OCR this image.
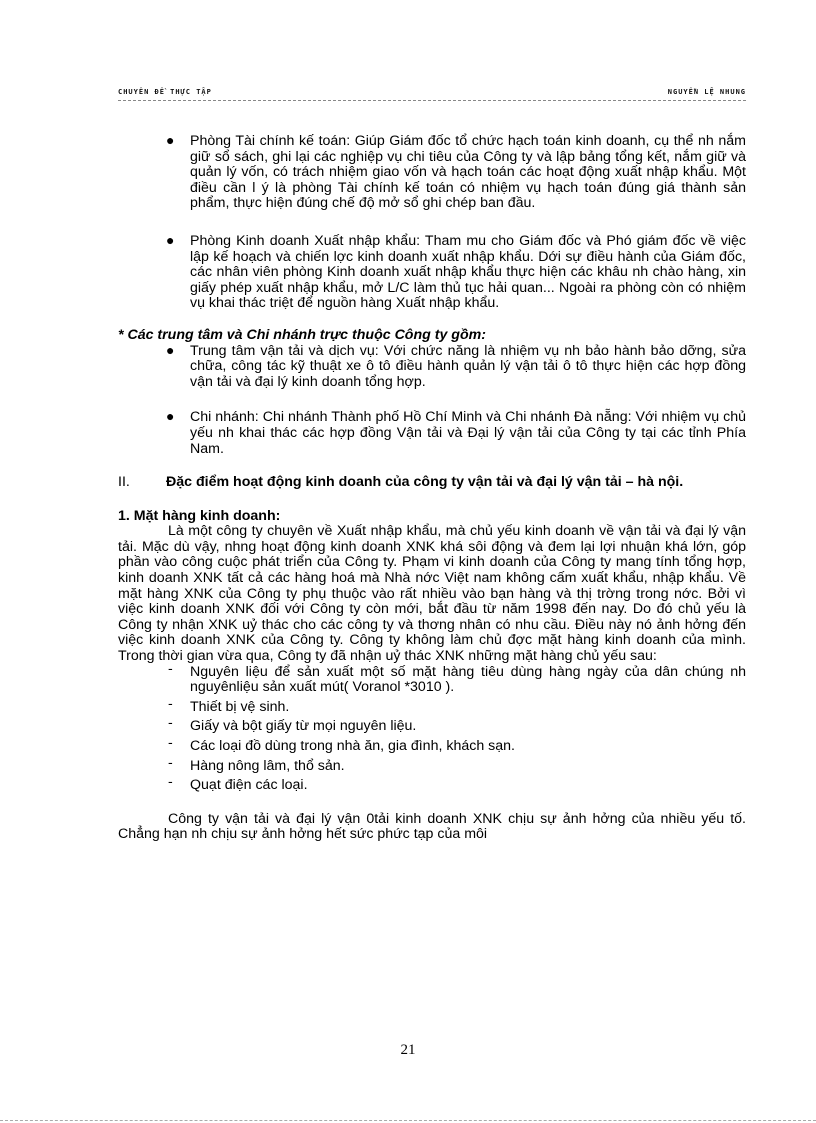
CHUYÊN ĐỀ THỰC TẬP	NGUYỄN LỆ NHUNG
● Phòng Tài chính kế toán: Giúp Giám đốc tổ chức hạch toán kinh doanh, cụ thể nh nắm giữ sổ sách, ghi lại các nghiệp vụ chi tiêu của Công ty và lập bảng tổng kết, nắm giữ và quản lý vốn, có trách nhiệm giao vốn và hạch toán các hoạt động xuất nhập khẩu. Một điều cần l ý là phòng Tài chính kế toán có nhiệm vụ hạch toán đúng giá thành sản phẩm, thực hiện đúng chế độ mở sổ ghi chép ban đầu.
● Phòng Kinh doanh Xuất nhập khẩu: Tham mu cho Giám đốc và Phó giám đốc về việc lập kế hoạch và chiến lợc kinh doanh xuất nhập khẩu. Dới sự điều hành của Giám đốc, các nhân viên phòng Kinh doanh xuất nhập khẩu thực hiện các khâu nh chào hàng, xin giấy phép xuất nhập khẩu, mở L/C làm thủ tục hải quan... Ngoài ra phòng còn có nhiệm vụ khai thác triệt để nguồn hàng Xuất nhập khẩu.
* Các trung tâm và Chi nhánh trực thuộc Công ty gồm:
● Trung tâm vận tải và dịch vụ: Với chức năng là nhiệm vụ nh bảo hành bảo dỡng, sửa chữa, công tác kỹ thuật xe ô tô điều hành quản lý vận tải ô tô thực hiện các hợp đồng vận tải và đại lý kinh doanh tổng hợp.
● Chi nhánh: Chi nhánh Thành phố Hồ Chí Minh và Chi nhánh Đà nẵng: Với nhiệm vụ chủ yếu nh khai thác các hợp đồng Vận tải và Đại lý vận tải của Công ty tại các tỉnh Phía Nam.
II.	Đặc điểm hoạt động kinh doanh của công ty vận tải và đại lý vận tải – hà nội.
1. Mặt hàng kinh doanh:
Là một công ty chuyên về Xuất nhập khẩu, mà chủ yếu kinh doanh về vận tải và đại lý vận tải. Mặc dù vậy, nhng hoạt động kinh doanh XNK khá sôi động và đem lại lợi nhuận khá lớn, góp phần vào công cuộc phát triển của Công ty. Phạm vi kinh doanh của Công ty mang tính tổng hợp, kinh doanh XNK tất cả các hàng hoá mà Nhà nớc Việt nam không cấm xuất khẩu, nhập khẩu. Về mặt hàng XNK của Công ty phụ thuộc vào rất nhiều vào bạn hàng và thị trờng trong nớc. Bởi vì việc kinh doanh XNK đối với Công ty còn mới, bắt đầu từ năm 1998 đến nay. Do đó chủ yếu là Công ty nhận XNK uỷ thác cho các công ty và thơng nhân có nhu cầu. Điều này nó ảnh hởng đến việc kinh doanh XNK của Công ty. Công ty không làm chủ đợc mặt hàng kinh doanh của mình. Trong thời gian vừa qua, Công ty đã nhận uỷ thác XNK những mặt hàng chủ yếu sau:
- Nguyên liệu để sản xuất một số mặt hàng tiêu dùng hàng ngày của dân chúng nh nguyênliệu sản xuất mút( Voranol *3010 ).
- Thiết bị vệ sinh.
- Giấy và bột giấy từ mọi nguyên liệu.
- Các loại đồ dùng trong nhà ăn, gia đình, khách sạn.
- Hàng nông lâm, thổ sản.
- Quạt điện các loại.
Công ty vận tải và đại lý vận 0tải kinh doanh XNK chịu sự ảnh hởng của nhiều yếu tố. Chẳng hạn nh chịu sự ảnh hởng hết sức phức tạp của môi
21
